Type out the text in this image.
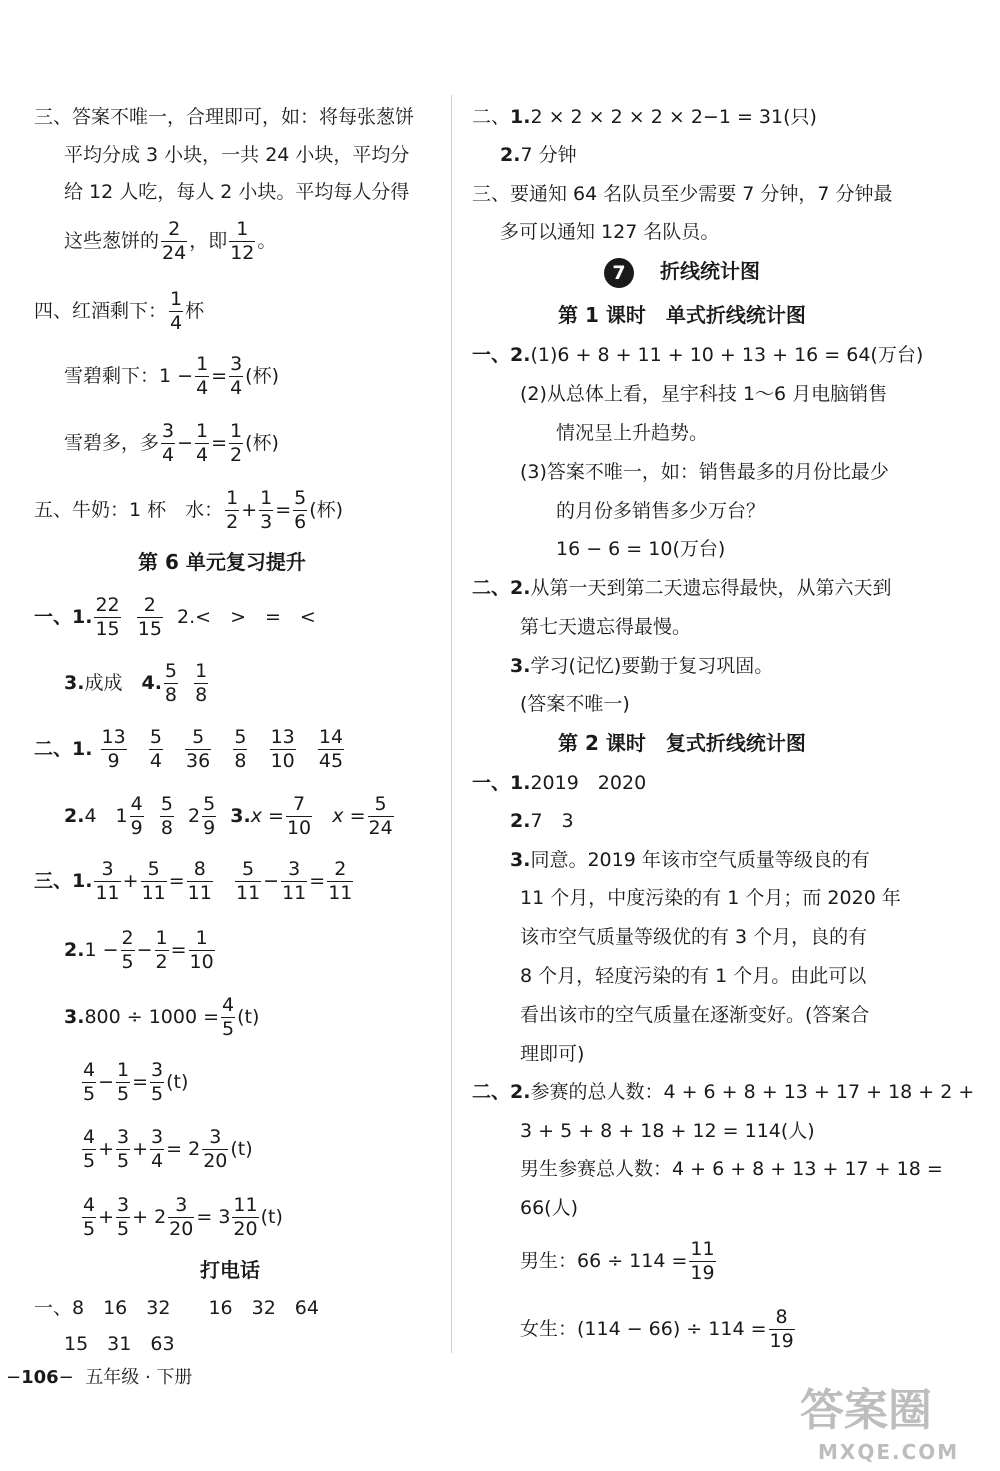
三、答案不唯一，合理即可，如：将每张葱饼
平均分成 3 小块，一共 24 小块，平均分
给 12 人吃，每人 2 小块。平均每人分得
这些葱饼的 $\frac{2}{24}$ ，即 $\frac{1}{12}$ 。
四、红酒剩下： $\frac{1}{4}$ 杯
雪碧剩下：$1 - \frac{1}{4} = \frac{3}{4}$ (杯)
雪碧多，多 $\frac{3}{4} - \frac{1}{4} = \frac{1}{2}$ (杯)
五、牛奶：1 杯　水： $\frac{1}{2} + \frac{1}{3} = \frac{5}{6}$ (杯)
第 6 单元复习提升
一、1. $\frac{22}{15}$
$\frac{2}{15} 2.<$　>　=　<
3.成成　4. $\frac{5}{8}$
$\frac{1}{8}$
二、1. $\frac{13}{9}$
$\frac{5}{4}$
$\frac{5}{36}$
$\frac{5}{8}$
$\frac{13}{10}$
$\frac{14}{45}$
2.4　$1 \frac{4}{9}$
$\frac{5}{8} 2 \frac{5}{9} 3.x = \frac{7}{10}$ $x = \frac{5}{24}$
三、1. $\frac{3}{11} + \frac{5}{11} = \frac{8}{11}$
$\frac{5}{11} - \frac{3}{11} = \frac{2}{11}$
$2.1 - \frac{2}{5} - \frac{1}{2} = \frac{1}{10}$
$3.800 \div 1000 = \frac{4}{5} (t)$
$\frac{4}{5} - \frac{1}{5} = \frac{3}{5} (t)$
$\frac{4}{5} + \frac{3}{5} + \frac{3}{4} = 2 \frac{3}{20} (t)$
$\frac{4}{5} + \frac{3}{5} + 2 \frac{3}{20} = 3 \frac{11}{20} (t)$
打电话
一、8　16　32　　16　32　64
15　31　63
二、1.2 × 2 × 2 × 2 × 2−1 = 31(只)
2.7 分钟
三、要通知 64 名队员至少需要 7 分钟，7 分钟最
多可以通知 127 名队员。
7 折线统计图
第 1 课时　单式折线统计图
一、2.(1)6 + 8 + 11 + 10 + 13 + 16 = 64(万台)
(2)从总体上看，星宇科技 1～6 月电脑销售
情况呈上升趋势。
(3)答案不唯一，如：销售最多的月份比最少
的月份多销售多少万台？
16 − 6 = 10(万台)
二、2.从第一天到第二天遗忘得最快，从第六天到
第七天遗忘得最慢。
3.学习(记忆)要勤于复习巩固。
(答案不唯一)
第 2 课时　复式折线统计图
一、1.2019　2020
2.7　3
3.同意。2019 年该市空气质量等级良的有
11 个月，中度污染的有 1 个月；而 2020 年
该市空气质量等级优的有 3 个月，良的有
8 个月，轻度污染的有 1 个月。由此可以
看出该市的空气质量在逐渐变好。(答案合
理即可)
二、2.参赛的总人数：4 + 6 + 8 + 13 + 17 + 18 + 2 +
3 + 5 + 8 + 18 + 12 = 114(人)
男生参赛总人数：4 + 6 + 8 + 13 + 17 + 18 =
66(人)
男生：$66 \div 114 = \frac{11}{19}$
女生：$(114 - 66) \div 114 = \frac{8}{19}$
−106− 五年级 · 下册
答案圈
MXQE.COM
